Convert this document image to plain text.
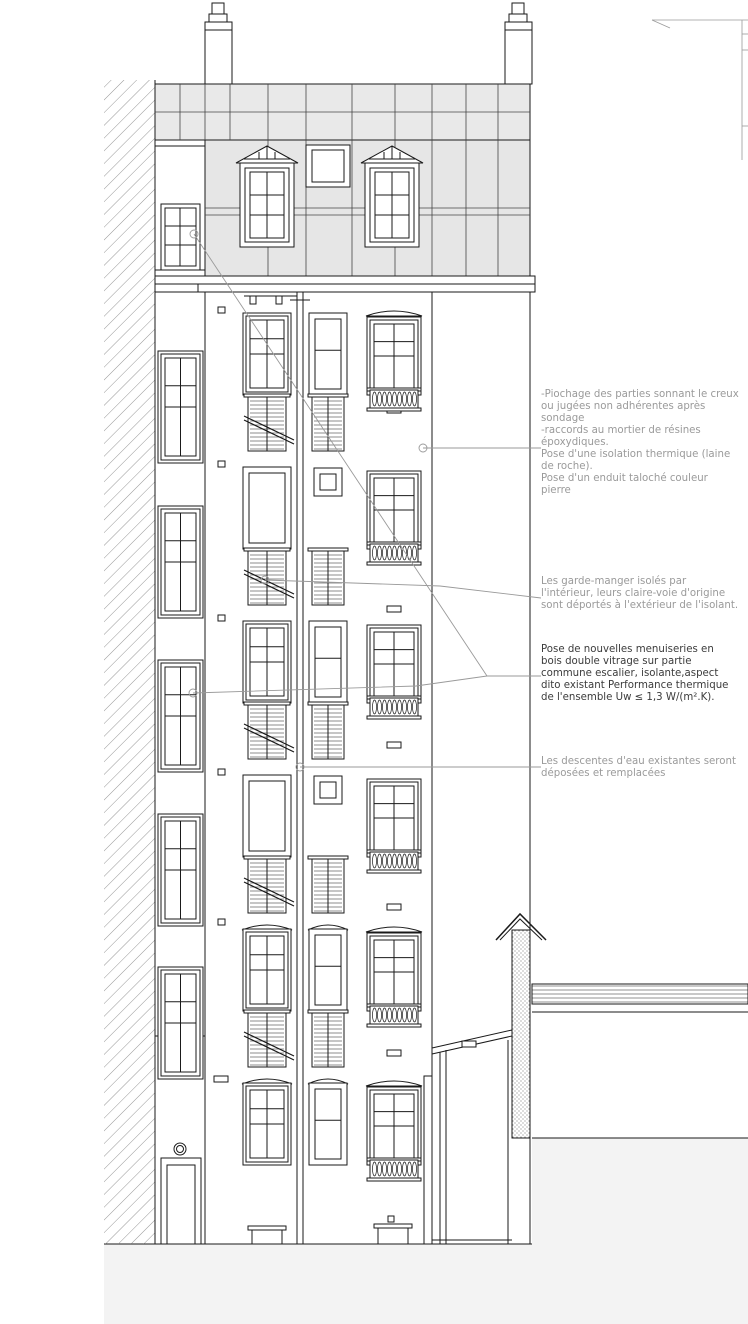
-Piochage des parties sonnant le creux
ou jugées non adhérentes après
sondage
-raccords au mortier de résines
époxydiques.
Pose d'une isolation thermique (laine
de roche).
Pose d'un enduit taloché couleur
pierre
Les garde-manger isolés par
l'intérieur, leurs claire-voie d'origine
sont déportés à l'extérieur de l'isolant.
Pose de nouvelles menuiseries en
bois double vitrage sur partie
commune escalier, isolante,aspect
dito existant Performance thermique
de l'ensemble Uw ≤ 1,3 W/(m².K).
Les descentes d'eau existantes seront
déposées et remplacées
